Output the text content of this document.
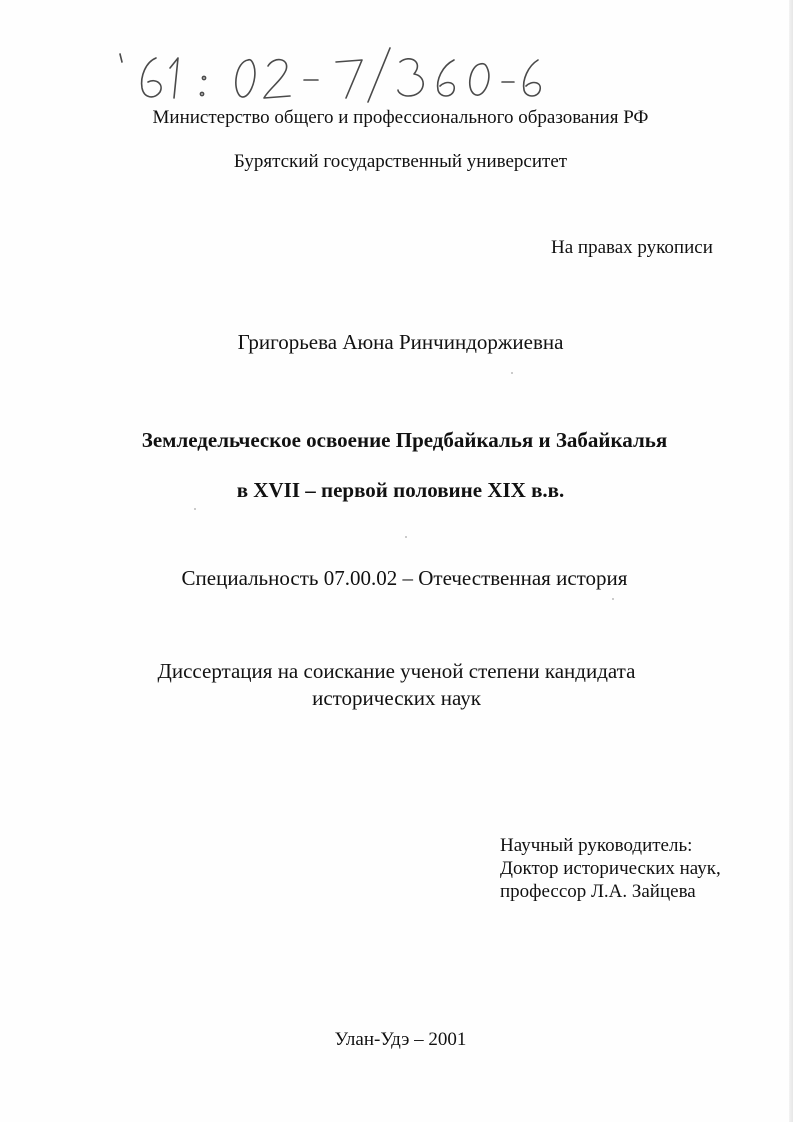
Министерство общего и профессионального образования РФ
Бурятский государственный университет
На правах рукописи
Григорьева Аюна Ринчиндоржиевна
Земледельческое освоение Предбайкалья и Забайкалья
в XVII – первой половине XIX в.в.
Специальность 07.00.02 – Отечественная история
Диссертация на соискание ученой степени кандидата
исторических наук
Научный руководитель:
Доктор исторических наук,
профессор Л.А. Зайцева
Улан-Удэ – 2001
